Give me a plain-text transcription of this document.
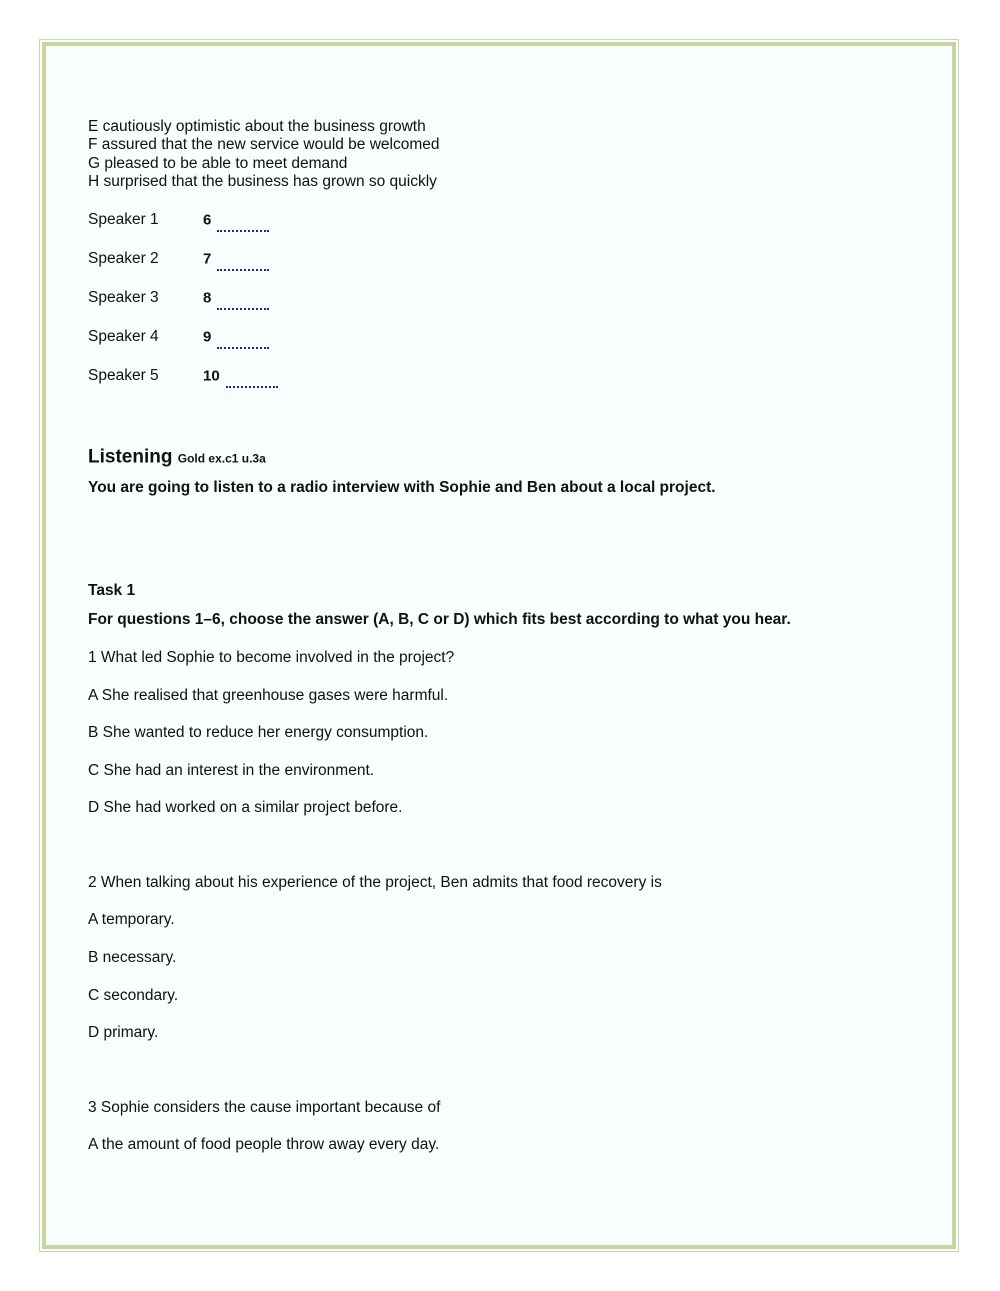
E cautiously optimistic about the business growth
F assured that the new service would be welcomed
G pleased to be able to meet demand
H surprised that the business has grown so quickly
Speaker 1	6
Speaker 2	7
Speaker 3	8
Speaker 4	9
Speaker 5	10
Listening Gold ex.c1 u.3a
You are going to listen to a radio interview with Sophie and Ben about a local project.
Task 1
For questions 1–6, choose the answer (A, B, C or D) which fits best according to what you hear.
1 What led Sophie to become involved in the project?
A She realised that greenhouse gases were harmful.
B She wanted to reduce her energy consumption.
C She had an interest in the environment.
D She had worked on a similar project before.
2 When talking about his experience of the project, Ben admits that food recovery is
A temporary.
B necessary.
C secondary.
D primary.
3 Sophie considers the cause important because of
A the amount of food people throw away every day.
